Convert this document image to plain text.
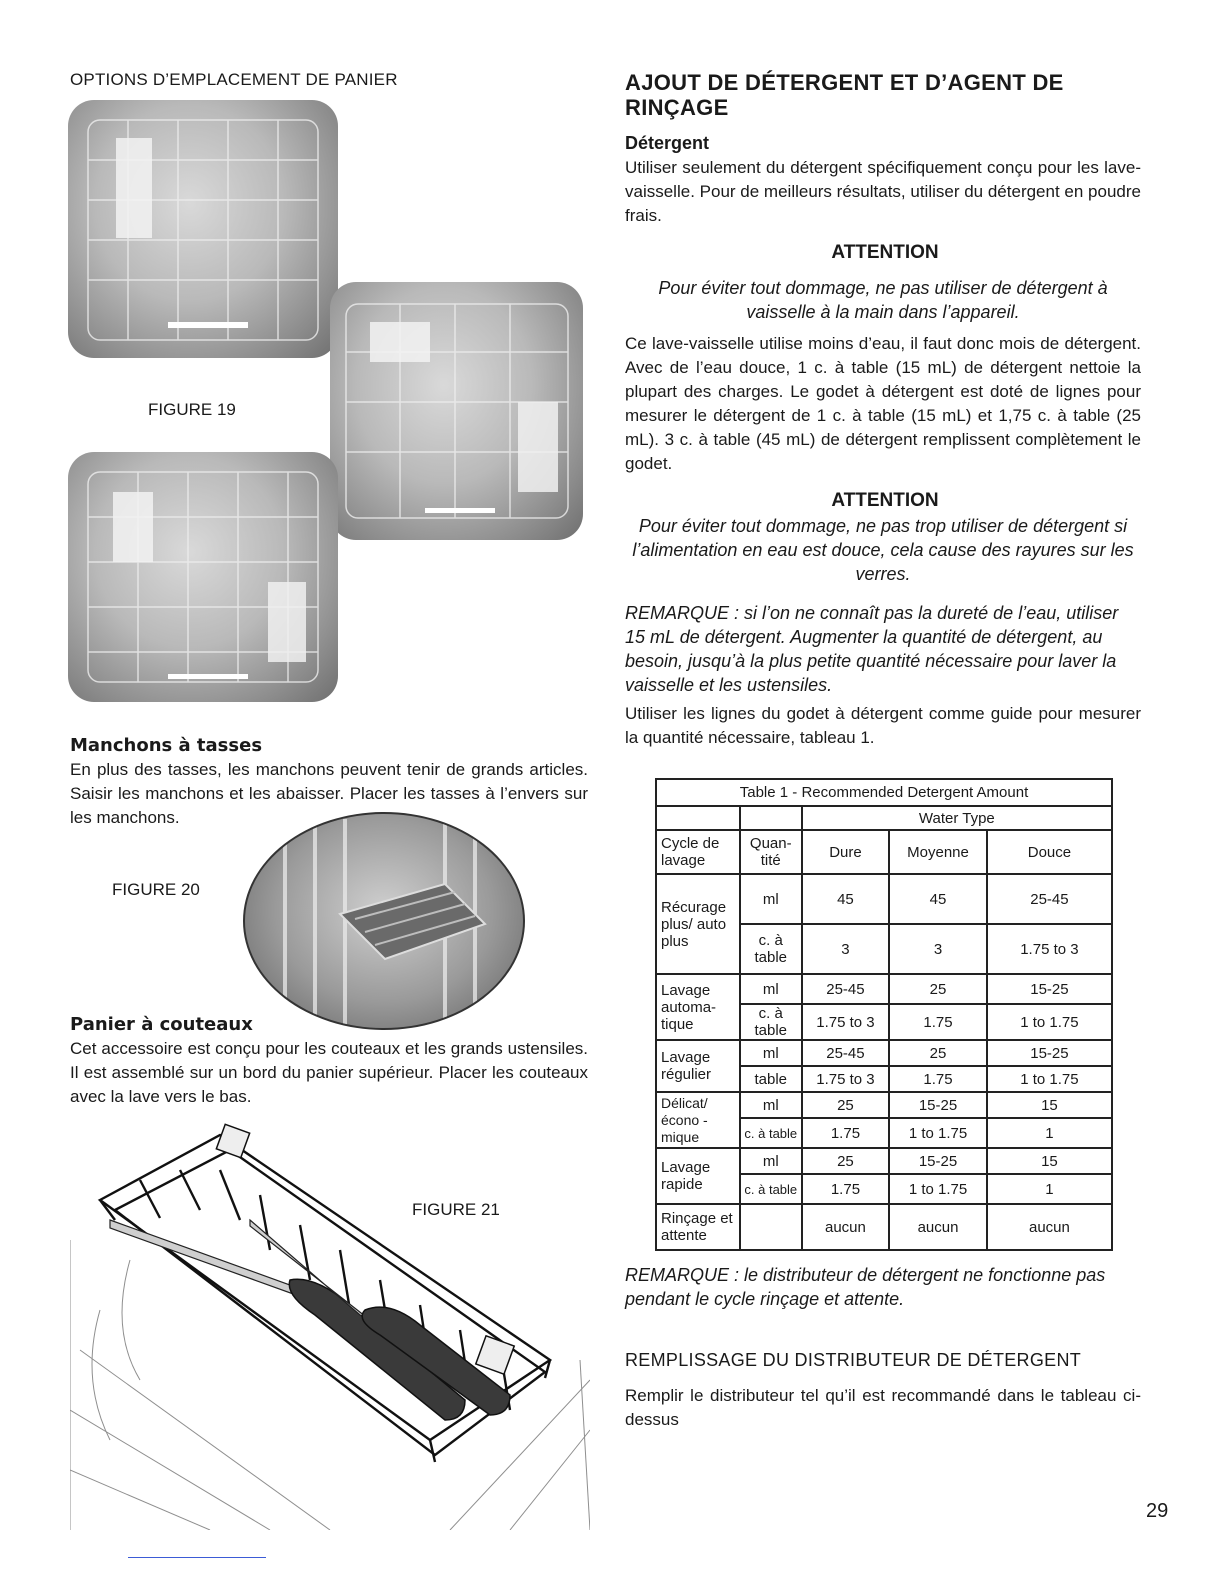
OPTIONS D’EMPLACEMENT DE PANIER
FIGURE 19
Manchons à tasses

En plus des tasses, les manchons peuvent tenir de grands articles. Saisir les manchons et les abaisser. Placer les tasses à l’envers sur les manchons.

FIGURE 20
Panier à couteaux

Cet accessoire est conçu pour les couteaux et les grands ustensiles. Il est assemblé sur un bord du panier supérieur. Placer les couteaux avec la lave vers le bas.

FIGURE 21
AJOUT DE DÉTERGENT ET D’AGENT DE
RINÇAGE
Détergent

Utiliser seulement du détergent spécifiquement conçu pour les lave-vaisselle. Pour de meilleurs résultats, utiliser du détergent en poudre frais.

ATTENTION

Pour éviter tout dommage, ne pas utiliser de détergent à vaisselle à la main dans l’appareil.

Ce lave-vaisselle utilise moins d’eau, il faut donc mois de détergent. Avec de l’eau douce, 1 c. à table (15 mL) de détergent nettoie la plupart des charges. Le godet à détergent est doté de lignes pour mesurer le détergent de 1 c. à table (15 mL) et 1,75 c. à table (25 mL). 3 c. à table (45 mL) de détergent remplissent complètement le godet.

ATTENTION

Pour éviter tout dommage, ne pas trop utiliser de détergent si l’alimentation en eau est douce, cela cause des rayures sur les verres.

REMARQUE : si l’on ne connaît pas la dureté de l’eau, utiliser 15 mL de détergent. Augmenter la quantité de détergent, au besoin, jusqu’à la plus petite quantité nécessaire pour laver la vaisselle et les ustensiles.

Utiliser les lignes du godet à détergent comme guide pour mesurer la quantité nécessaire, tableau 1.

Table 1 - Recommended Detergent Amount				
		Water Type		
Cycle de lavage	Quan- tité	Dure	Moyenne	Douce
Récurage plus/ auto plus	ml	45	45	25-45
	c. à table	3	3	1.75 to 3
Lavage automa- tique	ml	25-45	25	15-25
	c. à table	1.75 to 3	1.75	1 to 1.75
Lavage régulier	ml	25-45	25	15-25
	table	1.75 to 3	1.75	1 to 1.75
Délicat/ écono -mique	ml	25	15-25	15
	c. à table	1.75	1 to 1.75	1
Lavage rapide	ml	25	15-25	15
	c. à table	1.75	1 to 1.75	1
Rinçage et attente		aucun	aucun	aucun

REMARQUE : le distributeur de détergent ne fonctionne pas pendant le cycle rinçage et attente.

REMPLISSAGE DU DISTRIBUTEUR DE DÉTERGENT

Remplir le distributeur tel qu’il est recommandé dans le tableau ci-dessus

29
